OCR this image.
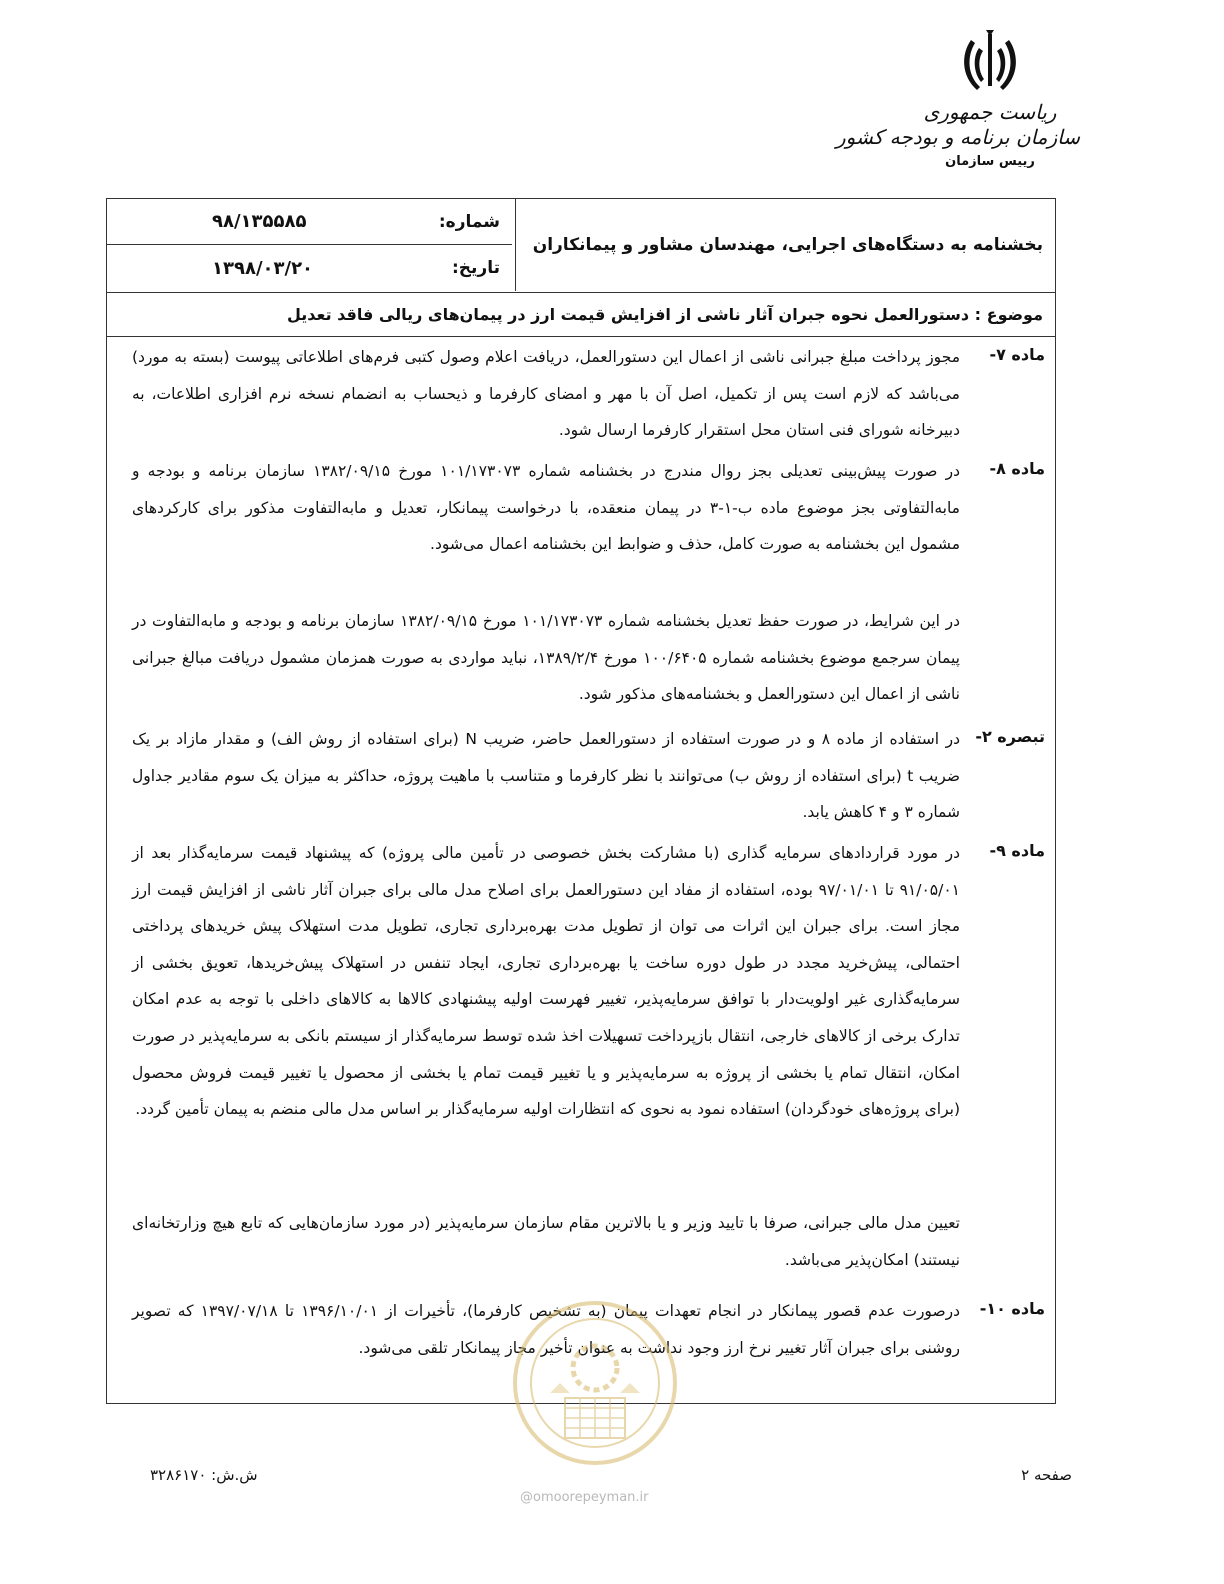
ریاست جمهوری
سازمان برنامه و بودجه کشور
رییس سازمان
بخشنامه به دستگاه‌های اجرایی، مهندسان مشاور و پیمانکاران
شماره:
۹۸/۱۳۵۵۸۵
تاریخ:
۱۳۹۸/۰۳/۲۰
موضوع : دستورالعمل نحوه جبران آثار ناشی از افزایش قیمت ارز در پیمان‌های ریالی فاقد تعدیل
ماده ۷-
مجوز پرداخت مبلغ جبرانی ناشی از اعمال این دستورالعمل، دریافت اعلام وصول کتبی فرم‌های اطلاعاتی پیوست (بسته به مورد) می‌باشد که لازم است پس از تکمیل، اصل آن با مهر و امضای کارفرما و ذیحساب به انضمام نسخه نرم افزاری اطلاعات، به دبیرخانه شورای فنی استان محل استقرار کارفرما ارسال شود.
ماده ۸-
در صورت پیش‌بینی تعدیلی بجز روال مندرج در بخشنامه شماره ۱۰۱/۱۷۳۰۷۳ مورخ ۱۳۸۲/۰۹/۱۵ سازمان برنامه و بودجه و مابه‌التفاوتی بجز موضوع ماده ب-۱-۳ در پیمان منعقده، با درخواست پیمانکار، تعدیل و مابه‌التفاوت مذکور برای کارکردهای مشمول این بخشنامه به صورت کامل، حذف و ضوابط این بخشنامه اعمال می‌شود.
در این شرایط، در صورت حفظ تعدیل بخشنامه شماره ۱۰۱/۱۷۳۰۷۳ مورخ ۱۳۸۲/۰۹/۱۵ سازمان برنامه و بودجه و مابه‌التفاوت در پیمان سرجمع موضوع بخشنامه شماره ۱۰۰/۶۴۰۵ مورخ ۱۳۸۹/۲/۴، نباید مواردی به صورت همزمان مشمول دریافت مبالغ جبرانی ناشی از اعمال این دستورالعمل و بخشنامه‌های مذکور شود.
تبصره ۲-
در استفاده از ماده ۸ و در صورت استفاده از دستورالعمل حاضر، ضریب N (برای استفاده از روش الف) و مقدار مازاد بر یک ضریب t (برای استفاده از روش ب) می‌توانند با نظر کارفرما و متناسب با ماهیت پروژه، حداکثر به میزان یک سوم مقادیر جداول شماره ۳ و ۴ کاهش یابد.
ماده ۹-
در مورد قراردادهای سرمایه گذاری (با مشارکت بخش خصوصی در تأمین مالی پروژه) که پیشنهاد قیمت سرمایه‌گذار بعد از ۹۱/۰۵/۰۱ تا ۹۷/۰۱/۰۱ بوده، استفاده از مفاد این دستورالعمل برای اصلاح مدل مالی برای جبران آثار ناشی از افزایش قیمت ارز مجاز است. برای جبران این اثرات می توان از تطویل مدت بهره‌برداری تجاری، تطویل مدت استهلاک پیش خریدهای پرداختی احتمالی، پیش‌خرید مجدد در طول دوره ساخت یا بهره‌برداری تجاری، ایجاد تنفس در استهلاک پیش‌خریدها، تعویق بخشی از سرمایه‌گذاری غیر اولویت‌دار با توافق سرمایه‌پذیر، تغییر فهرست اولیه پیشنهادی کالاها به کالاهای داخلی با توجه به عدم امکان تدارک برخی از کالاهای خارجی، انتقال بازپرداخت تسهیلات اخذ شده توسط سرمایه‌گذار از سیستم بانکی به سرمایه‌پذیر در صورت امکان، انتقال تمام یا بخشی از پروژه به سرمایه‌پذیر و یا تغییر قیمت تمام یا بخشی از محصول یا تغییر قیمت فروش محصول (برای پروژه‌های خودگردان) استفاده نمود به نحوی که انتظارات اولیه سرمایه‌گذار بر اساس مدل مالی منضم به پیمان تأمین گردد.
تعیین مدل مالی جبرانی، صرفا با تایید وزیر و یا بالاترین مقام سازمان سرمایه‌پذیر (در مورد سازمان‌هایی که تابع هیچ وزارتخانه‌ای نیستند) امکان‌پذیر می‌باشد.
ماده ۱۰-
درصورت عدم قصور پیمانکار در انجام تعهدات پیمان (به تشخیص کارفرما)، تأخیرات از ۱۳۹۶/۱۰/۰۱ تا ۱۳۹۷/۰۷/۱۸ که تصویر روشنی برای جبران آثار تغییر نرخ ارز وجود نداشت به عنوان تأخیر مجاز پیمانکار تلقی می‌شود.
@omoorepeyman.ir
صفحه ۲
ش.ش: ۳۲۸۶۱۷۰
